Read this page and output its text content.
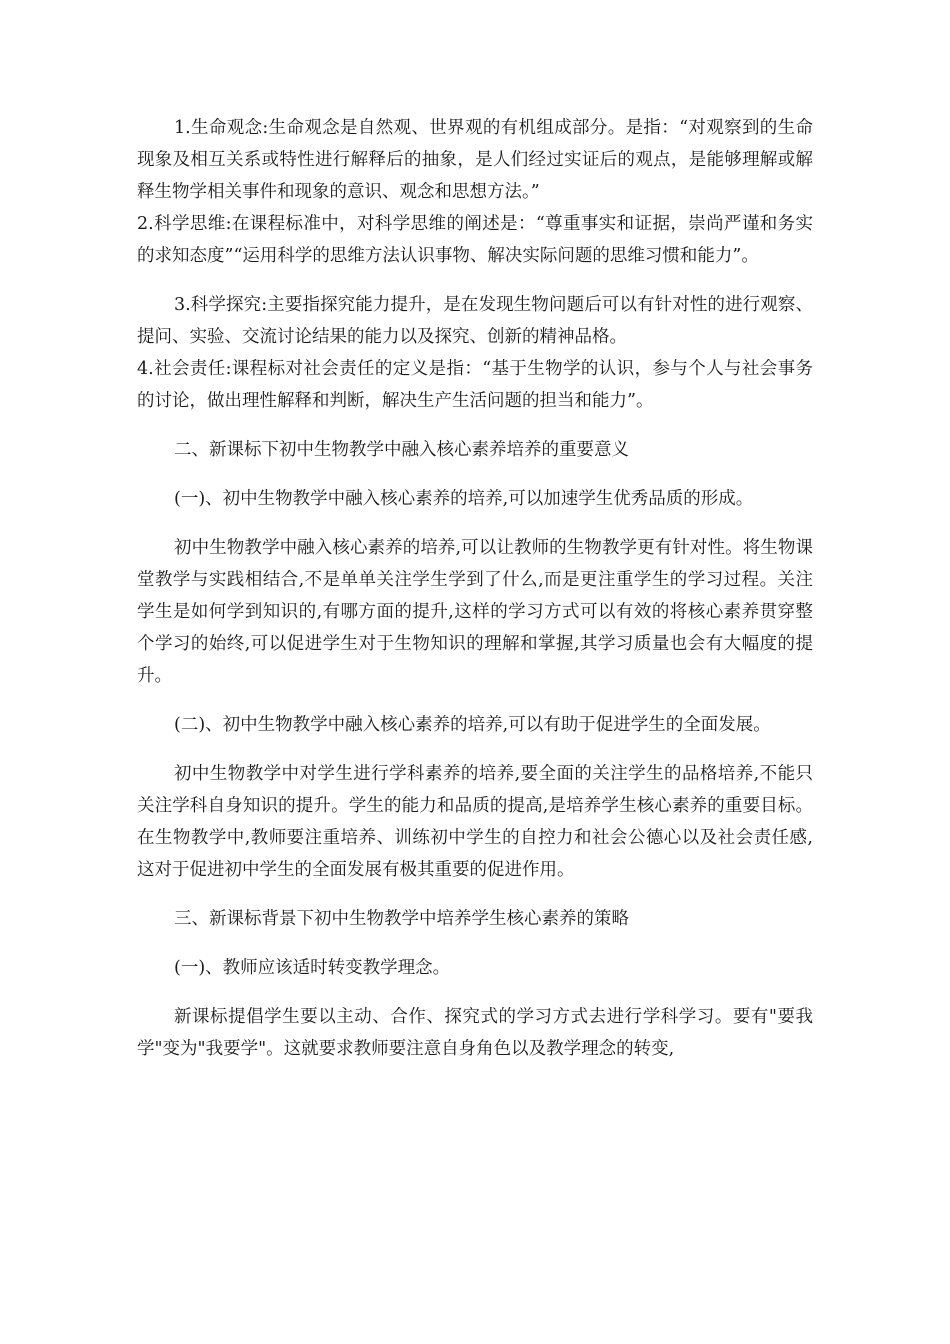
1.生命观念:生命观念是自然观、世界观的有机组成部分。是指：“对观察到的生命现象及相互关系或特性进行解释后的抽象，是人们经过实证后的观点，是能够理解或解释生物学相关事件和现象的意识、观念和思想方法。”

2.科学思维:在课程标准中，对科学思维的阐述是：“尊重事实和证据，崇尚严谨和务实的求知态度”“运用科学的思维方法认识事物、解决实际问题的思维习惯和能力”。

3.科学探究:主要指探究能力提升，是在发现生物问题后可以有针对性的进行观察、提问、实验、交流讨论结果的能力以及探究、创新的精神品格。

4.社会责任:课程标对社会责任的定义是指：“基于生物学的认识，参与个人与社会事务的讨论，做出理性解释和判断，解决生产生活问题的担当和能力”。

二、新课标下初中生物教学中融入核心素养培养的重要意义

(一)、初中生物教学中融入核心素养的培养,可以加速学生优秀品质的形成。

初中生物教学中融入核心素养的培养,可以让教师的生物教学更有针对性。将生物课堂教学与实践相结合,不是单单关注学生学到了什么,而是更注重学生的学习过程。关注学生是如何学到知识的,有哪方面的提升,这样的学习方式可以有效的将核心素养贯穿整个学习的始终,可以促进学生对于生物知识的理解和掌握,其学习质量也会有大幅度的提升。

(二)、初中生物教学中融入核心素养的培养,可以有助于促进学生的全面发展。

初中生物教学中对学生进行学科素养的培养,要全面的关注学生的品格培养,不能只关注学科自身知识的提升。学生的能力和品质的提高,是培养学生核心素养的重要目标。在生物教学中,教师要注重培养、训练初中学生的自控力和社会公德心以及社会责任感,这对于促进初中学生的全面发展有极其重要的促进作用。

三、新课标背景下初中生物教学中培养学生核心素养的策略

(一)、教师应该适时转变教学理念。

新课标提倡学生要以主动、合作、探究式的学习方式去进行学科学习。要有"要我学"变为"我要学"。这就要求教师要注意自身角色以及教学理念的转变,
